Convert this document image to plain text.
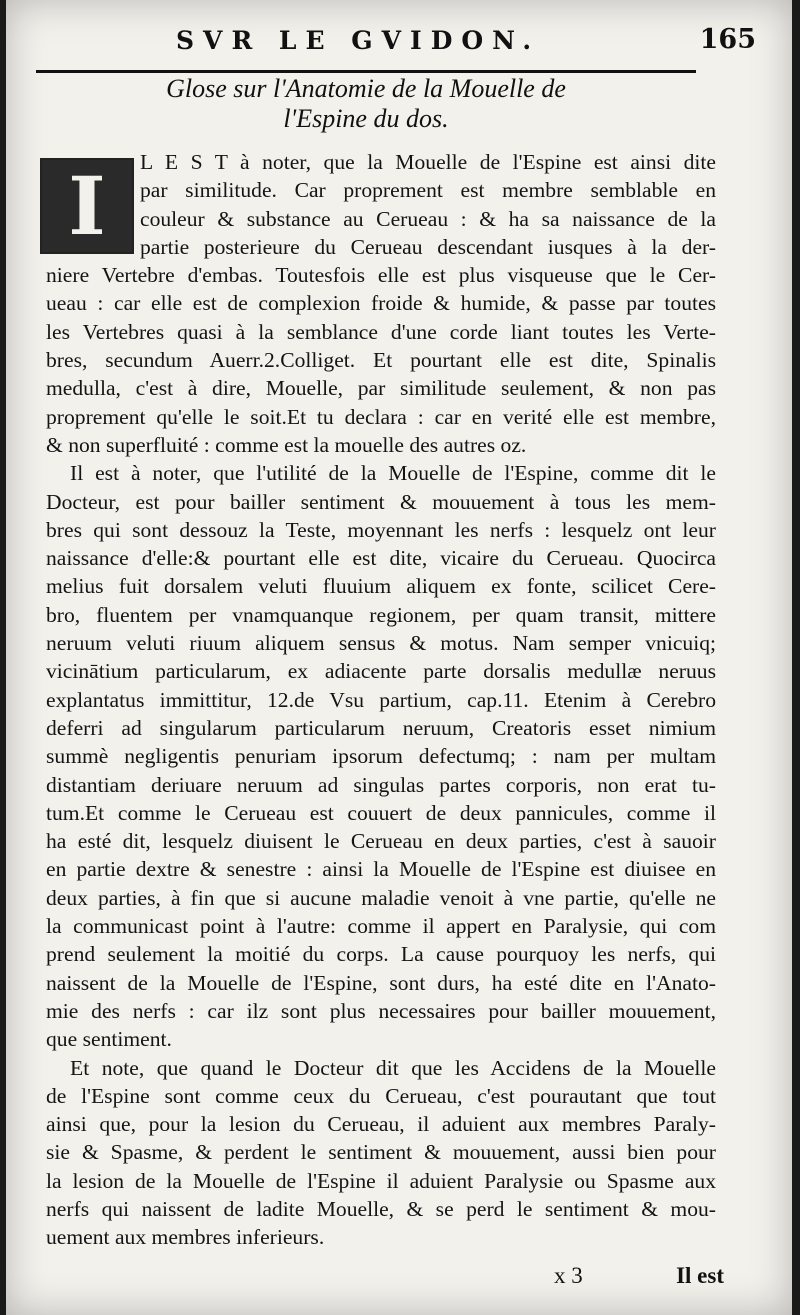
SVR LE GVIDON.	165
Glose sur l'Anatomie de la Mouelle de
l'Espine du dos.
I	L E S T à noter, que la Mouelle de l'Espine est ainsi dite

par similitude. Car proprement est membre semblable en

couleur & substance au Cerueau : & ha sa naissance de la

partie posterieure du Cerueau descendant iusques à la der-

niere Vertebre d'embas. Toutesfois elle est plus visqueuse que le Cer-

ueau : car elle est de complexion froide & humide, & passe par toutes

les Vertebres quasi à la semblance d'une corde liant toutes les Verte-

bres, secundum Auerr.2.Colliget. Et pourtant elle est dite, Spinalis

medulla, c'est à dire, Mouelle, par similitude seulement, & non pas

proprement qu'elle le soit.Et tu declara : car en verité elle est membre,

& non superfluité : comme est la mouelle des autres oz.

Il est à noter, que l'utilité de la Mouelle de l'Espine, comme dit le

Docteur, est pour bailler sentiment & mouuement à tous les mem-

bres qui sont dessouz la Teste, moyennant les nerfs : lesquelz ont leur

naissance d'elle:& pourtant elle est dite, vicaire du Cerueau. Quocirca

melius fuit dorsalem veluti fluuium aliquem ex fonte, scilicet Cere-

bro, fluentem per vnamquanque regionem, per quam transit, mittere

neruum veluti riuum aliquem sensus & motus. Nam semper vnicuiq;

vicinātium particularum, ex adiacente parte dorsalis medullæ neruus

explantatus immittitur, 12.de Vsu partium, cap.11. Etenim à Cerebro

deferri ad singularum particularum neruum, Creatoris esset nimium

summè negligentis penuriam ipsorum defectumq; : nam per multam

distantiam deriuare neruum ad singulas partes corporis, non erat tu-

tum.Et comme le Cerueau est couuert de deux pannicules, comme il

ha esté dit, lesquelz diuisent le Cerueau en deux parties, c'est à sauoir

en partie dextre & senestre : ainsi la Mouelle de l'Espine est diuisee en

deux parties, à fin que si aucune maladie venoit à vne partie, qu'elle ne

la communicast point à l'autre: comme il appert en Paralysie, qui com

prend seulement la moitié du corps. La cause pourquoy les nerfs, qui

naissent de la Mouelle de l'Espine, sont durs, ha esté dite en l'Anato-

mie des nerfs : car ilz sont plus necessaires pour bailler mouuement,

que sentiment.

Et note, que quand le Docteur dit que les Accidens de la Mouelle

de l'Espine sont comme ceux du Cerueau, c'est pourautant que tout

ainsi que, pour la lesion du Cerueau, il aduient aux membres Paraly-

sie & Spasme, & perdent le sentiment & mouuement, aussi bien pour

la lesion de la Mouelle de l'Espine il aduient Paralysie ou Spasme aux

nerfs qui naissent de ladite Mouelle, & se perd le sentiment & mou-

uement aux membres inferieurs.

x 3	Il est
